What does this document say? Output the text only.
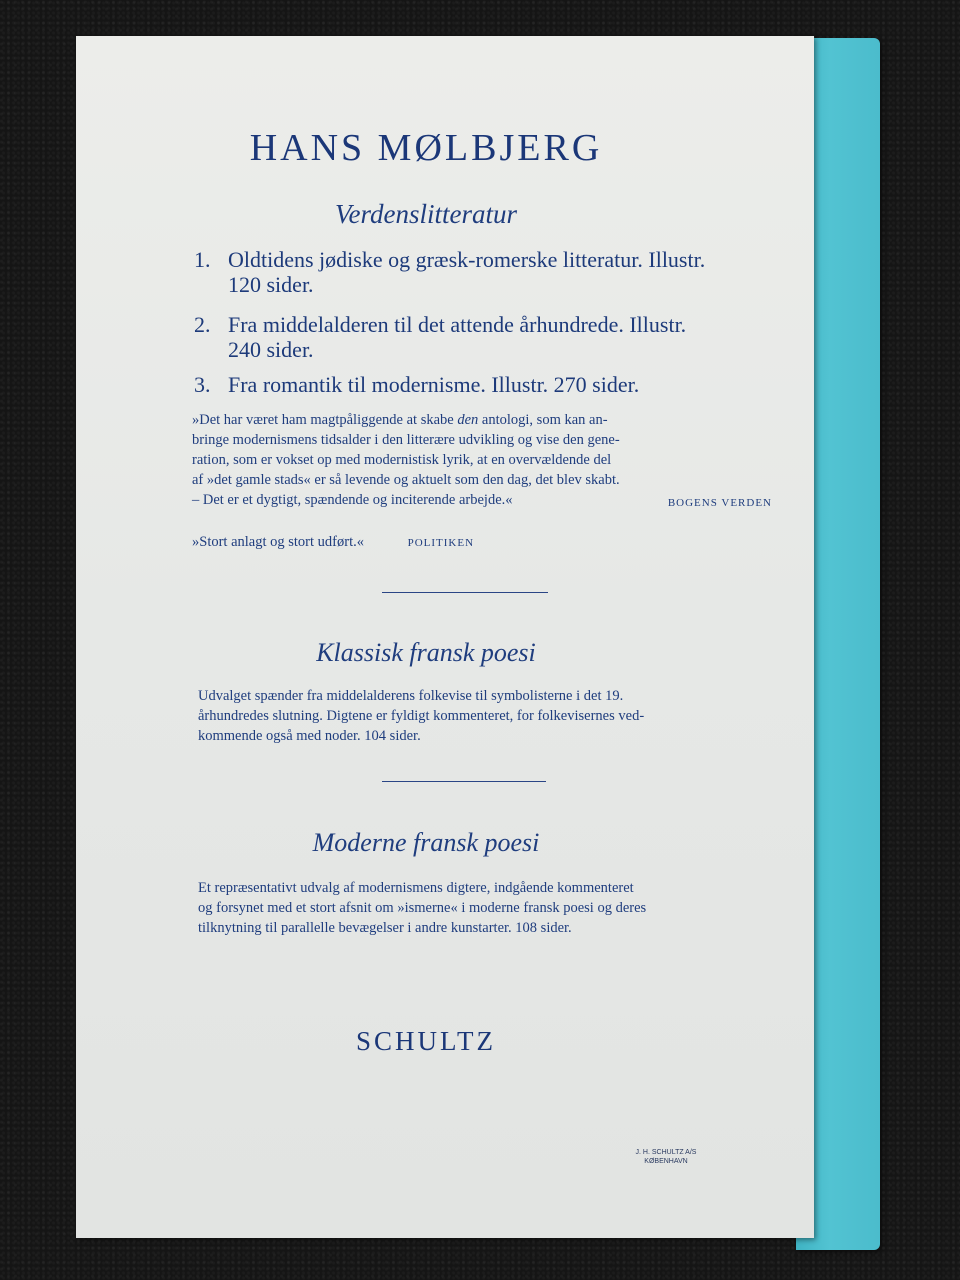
HANS MØLBJERG
Verdenslitteratur
1. Oldtidens jødiske og græsk-romerske litteratur. Illustr.
120 sider.
2. Fra middelalderen til det attende århundrede. Illustr.
240 sider.
3. Fra romantik til modernisme. Illustr. 270 sider.
»Det har været ham magtpåliggende at skabe den antologi, som kan an-
bringe modernismens tidsalder i den litterære udvikling og vise den gene-
ration, som er vokset op med modernistisk lyrik, at en overvældende del
af »det gamle stads« er så levende og aktuelt som den dag, det blev skabt.
– Det er et dygtigt, spændende og inciterende arbejde.«	BOGENS VERDEN
»Stort anlagt og stort udført.«	POLITIKEN
Klassisk fransk poesi
Udvalget spænder fra middelalderens folkevise til symbolisterne i det 19.
århundredes slutning. Digtene er fyldigt kommenteret, for folkevisernes ved-
kommende også med noder. 104 sider.
Moderne fransk poesi
Et repræsentativt udvalg af modernismens digtere, indgående kommenteret
og forsynet med et stort afsnit om »ismerne« i moderne fransk poesi og deres
tilknytning til parallelle bevægelser i andre kunstarter. 108 sider.
SCHULTZ
J. H. SCHULTZ A/S
KØBENHAVN
